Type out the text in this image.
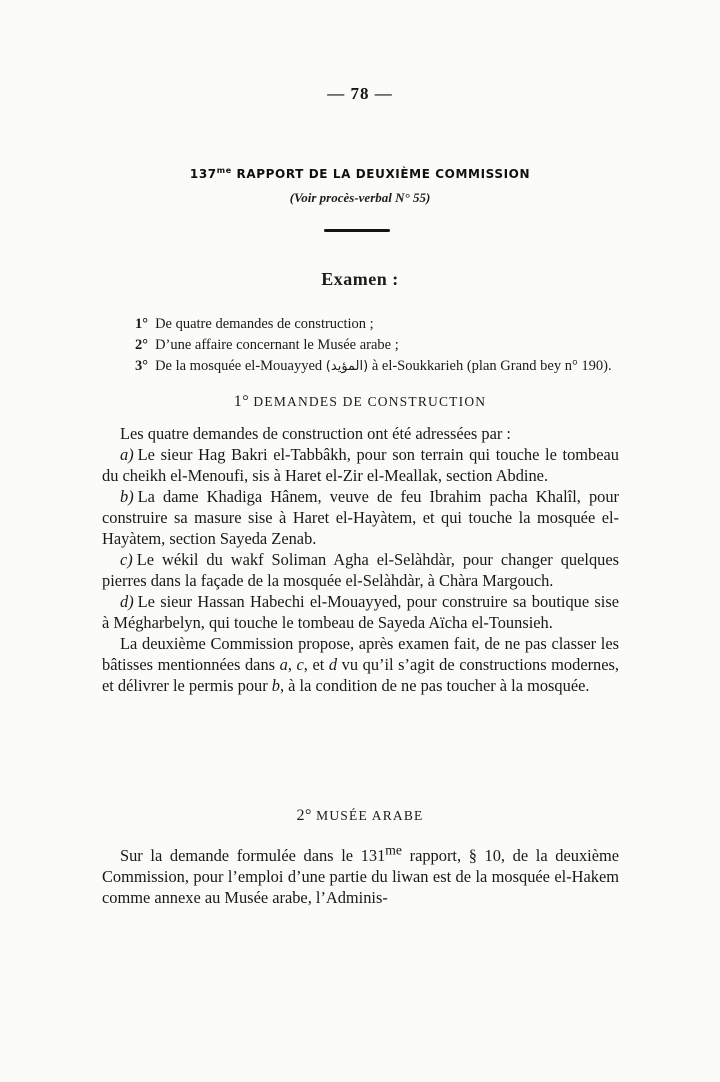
— 78 —
$137^{me}$ RAPPORT DE LA DEUXIÈME COMMISSION
(Voir procès-verbal N° 55)
Examen :
1° De quatre demandes de construction ;
2° D’une affaire concernant le Musée arabe ;
3° De la mosquée el-Mouayyed (المؤيد) à el-Soukkarieh (plan Grand bey n° 190).
1° DEMANDES DE CONSTRUCTION

Les quatre demandes de construction ont été adressées par :

a) Le sieur Hag Bakri el-Tabbâkh, pour son terrain qui touche le tombeau du cheikh el-Menoufi, sis à Haret el-Zir el-Meallak, section Abdine.

b) La dame Khadiga Hânem, veuve de feu Ibrahim pacha Khalîl, pour construire sa masure sise à Haret el-Hayàtem, et qui touche la mosquée el-Hayàtem, section Sayeda Zenab.

c) Le wékil du wakf Soliman Agha el-Selàhdàr, pour changer quelques pierres dans la façade de la mosquée el-Selàhdàr, à Chàra Margouch.

d) Le sieur Hassan Habechi el-Mouayyed, pour construire sa boutique sise à Mégharbelyn, qui touche le tombeau de Sayeda Aïcha el-Tounsieh.

La deuxième Commission propose, après examen fait, de ne pas classer les bâtisses mentionnées dans a, c, et d vu qu’il s’agit de constructions modernes, et délivrer le permis pour b, à la condition de ne pas toucher à la mosquée.

2° MUSÉE ARABE

Sur la demande formulée dans le $131^{me}$ rapport, § 10, de la deuxième Commission, pour l’emploi d’une partie du liwan est de la mosquée el-Hakem comme annexe au Musée arabe, l’Adminis-
